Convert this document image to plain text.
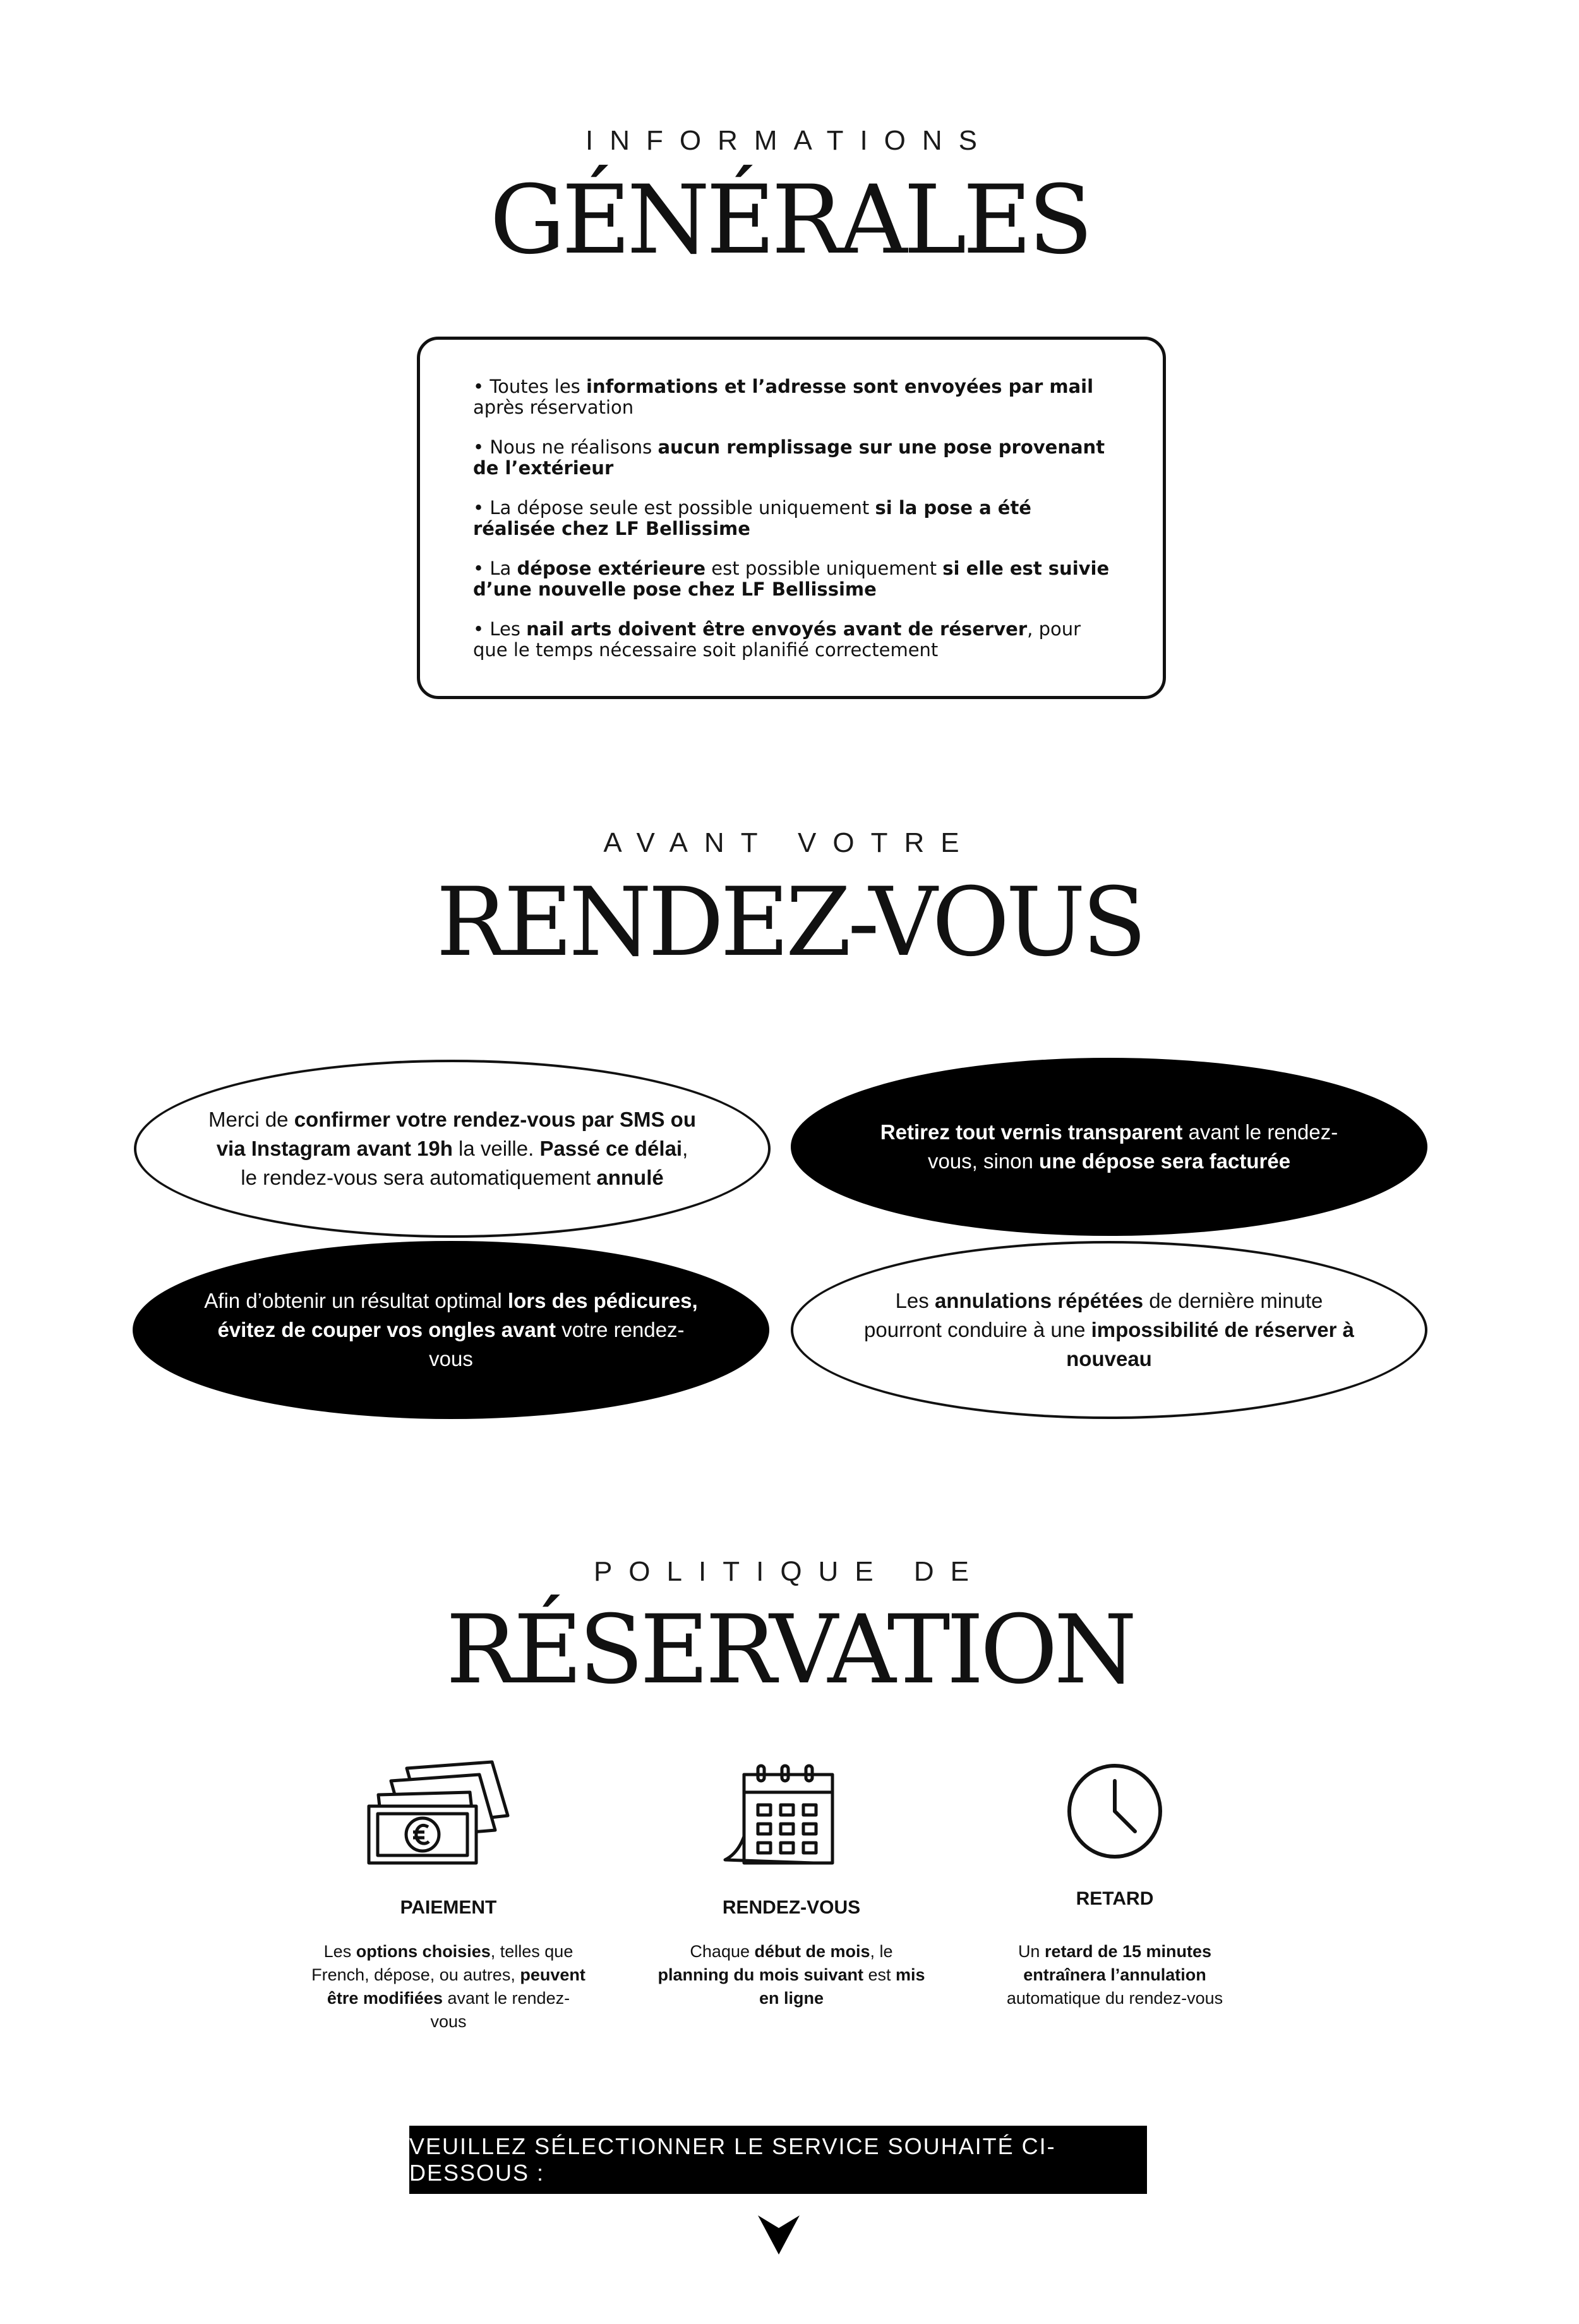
INFORMATIONS
GÉNÉRALES

• Toutes les informations et l’adresse sont envoyées par mail après réservation

• Nous ne réalisons aucun remplissage sur une pose provenant de l’extérieur

• La dépose seule est possible uniquement si la pose a été réalisée chez LF Bellissime

• La dépose extérieure est possible uniquement si elle est suivie d’une nouvelle pose chez LF Bellissime

• Les nail arts doivent être envoyés avant de réserver, pour que le temps nécessaire soit planifié correctement

AVANT VOTRE
RENDEZ-VOUS
Merci de confirmer votre rendez-vous par SMS ou via Instagram avant 19h la veille. Passé ce délai, le rendez-vous sera automatiquement annulé
Retirez tout vernis transparent avant le rendez-vous, sinon une dépose sera facturée
Afin d’obtenir un résultat optimal lors des pédicures, évitez de couper vos ongles avant votre rendez-vous
Les annulations répétées de dernière minute pourront conduire à une impossibilité de réserver à nouveau
POLITIQUE DE
RÉSERVATION
PAIEMENT	RENDEZ-VOUS	RETARD
Les options choisies, telles que French, dépose, ou autres, peuvent être modifiées avant le rendez-vous
Chaque début de mois, le planning du mois suivant est mis en ligne
Un retard de 15 minutes entraînera l’annulation automatique du rendez-vous
VEUILLEZ SÉLECTIONNER LE SERVICE SOUHAITÉ CI-DESSOUS :
